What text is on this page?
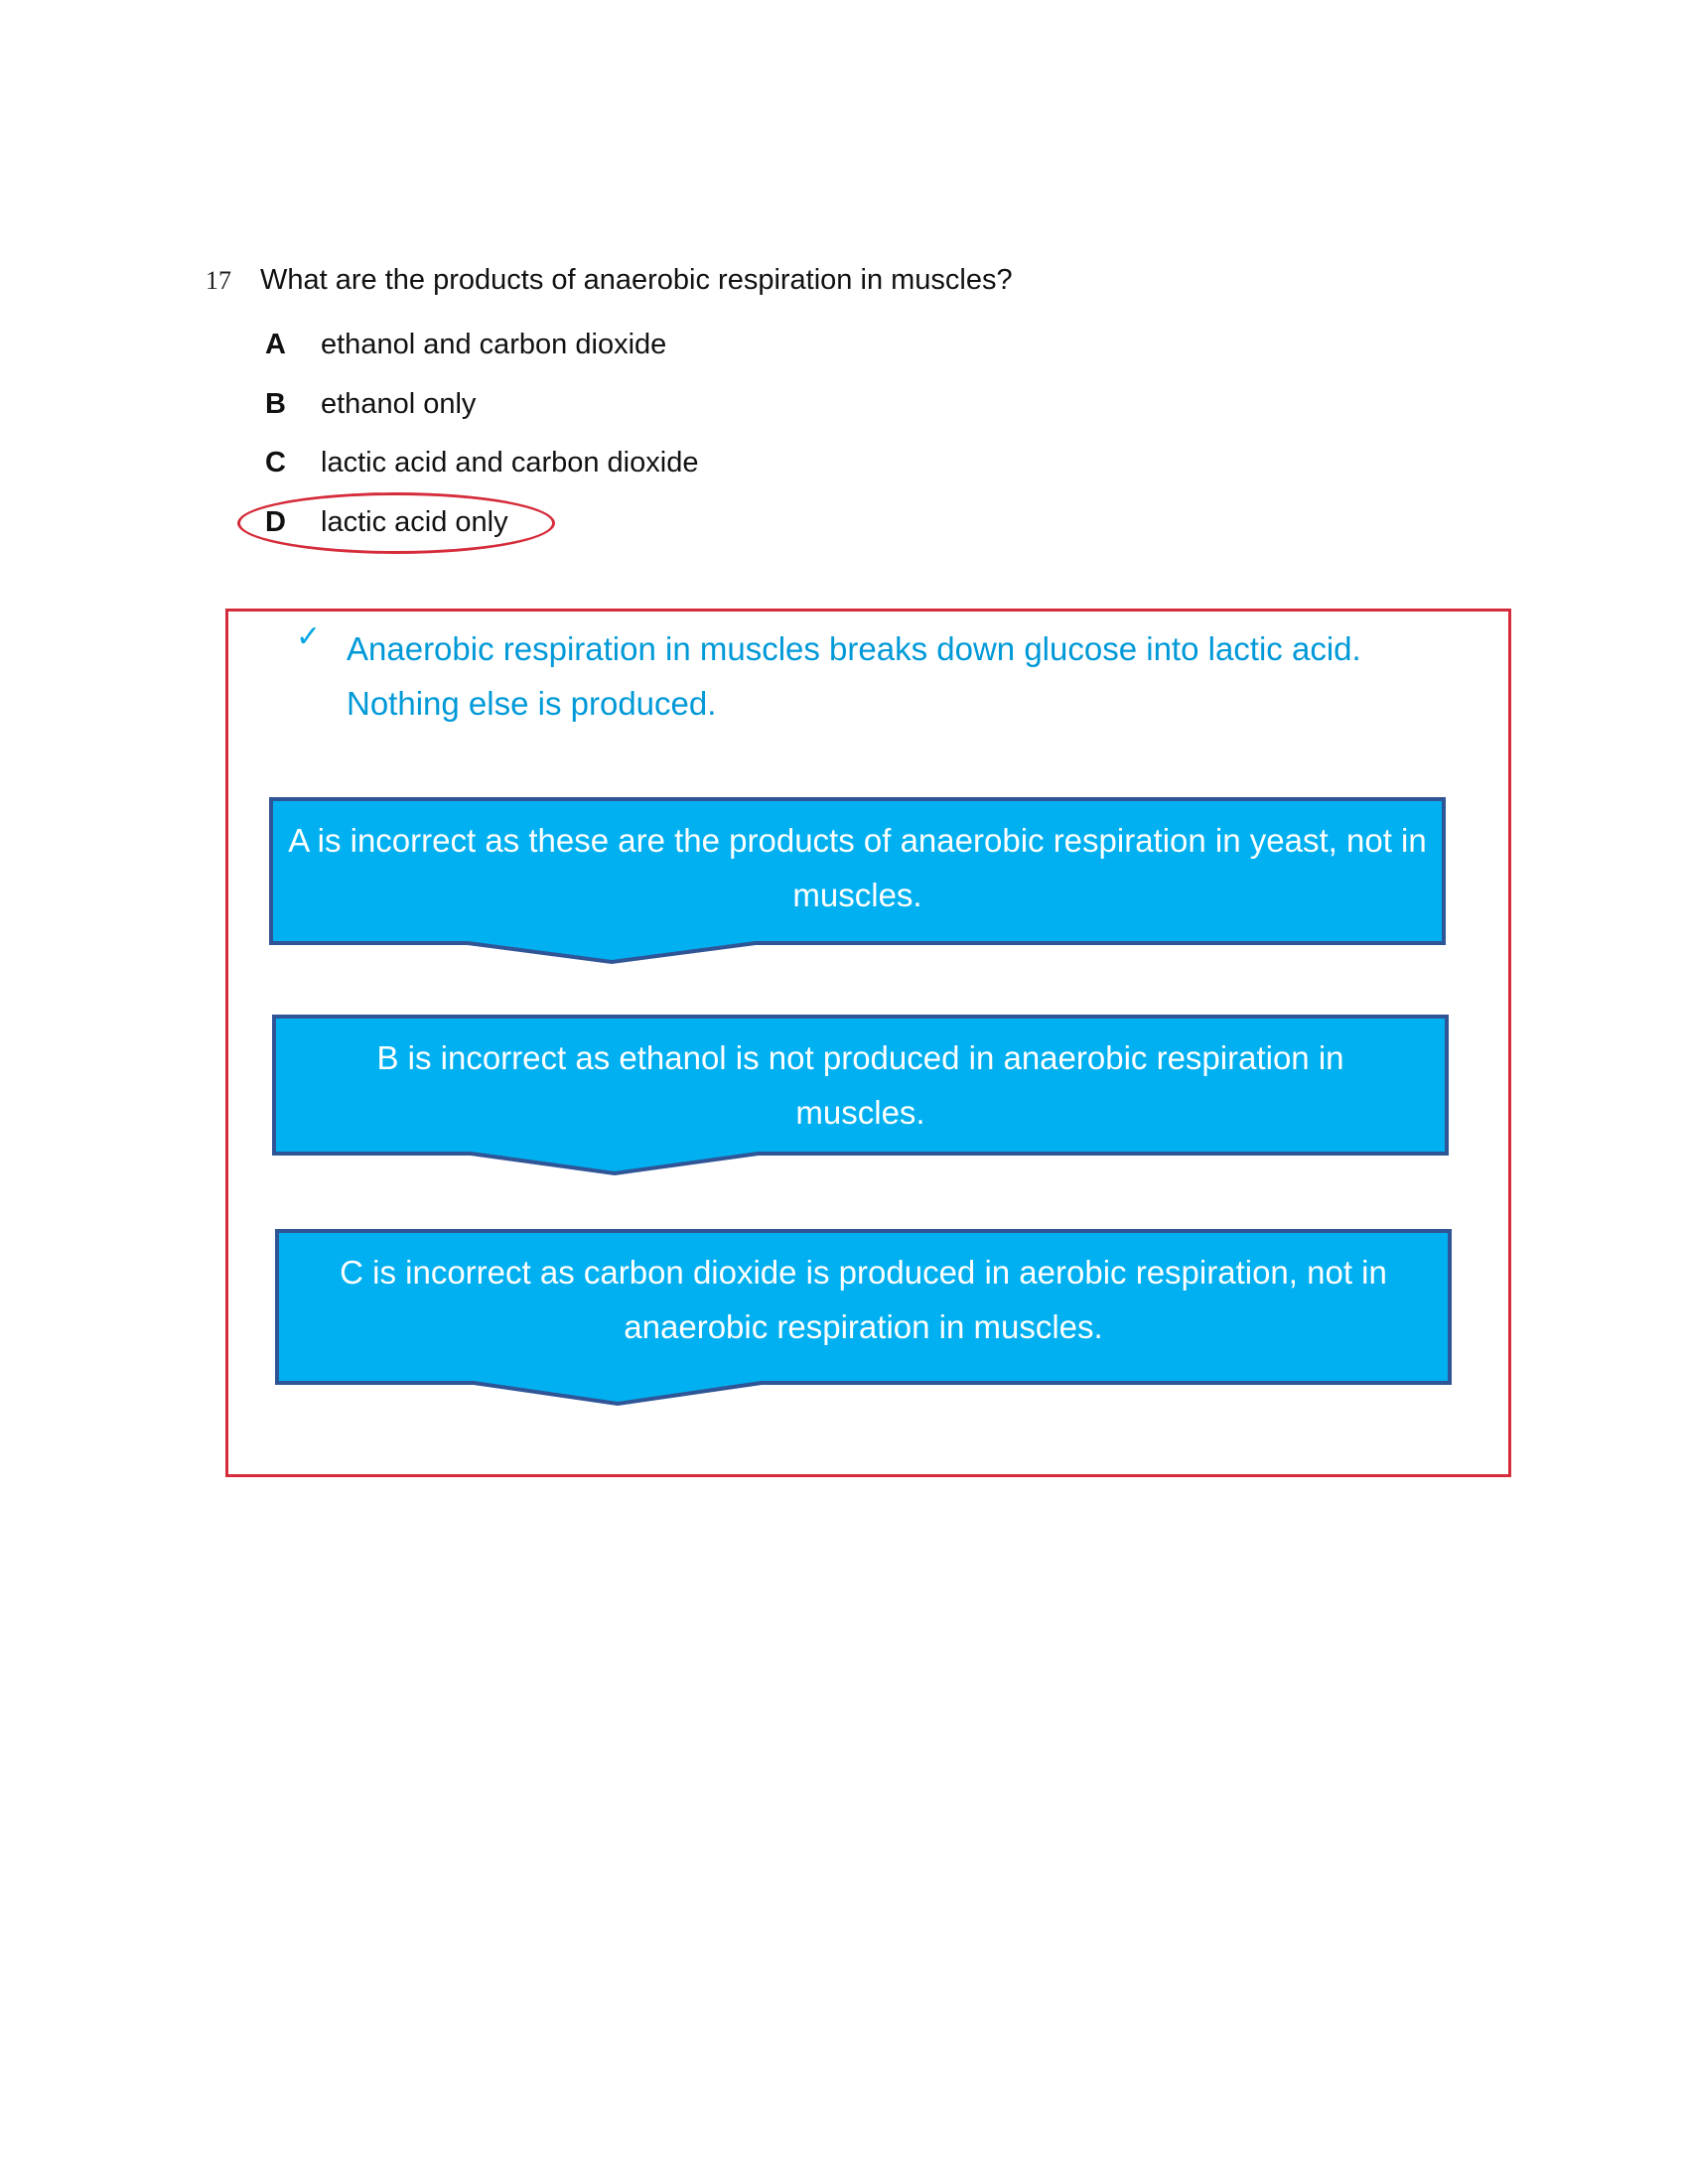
17 What are the products of anaerobic respiration in muscles?
A ethanol and carbon dioxide
B ethanol only
C lactic acid and carbon dioxide
D lactic acid only
✓ Anaerobic respiration in muscles breaks down glucose into lactic acid.
Nothing else is produced.
A is incorrect as these are the products of anaerobic respiration in yeast, not in muscles.
B is incorrect as ethanol is not produced in anaerobic respiration in muscles.
C is incorrect as carbon dioxide is produced in aerobic respiration, not in anaerobic respiration in muscles.
